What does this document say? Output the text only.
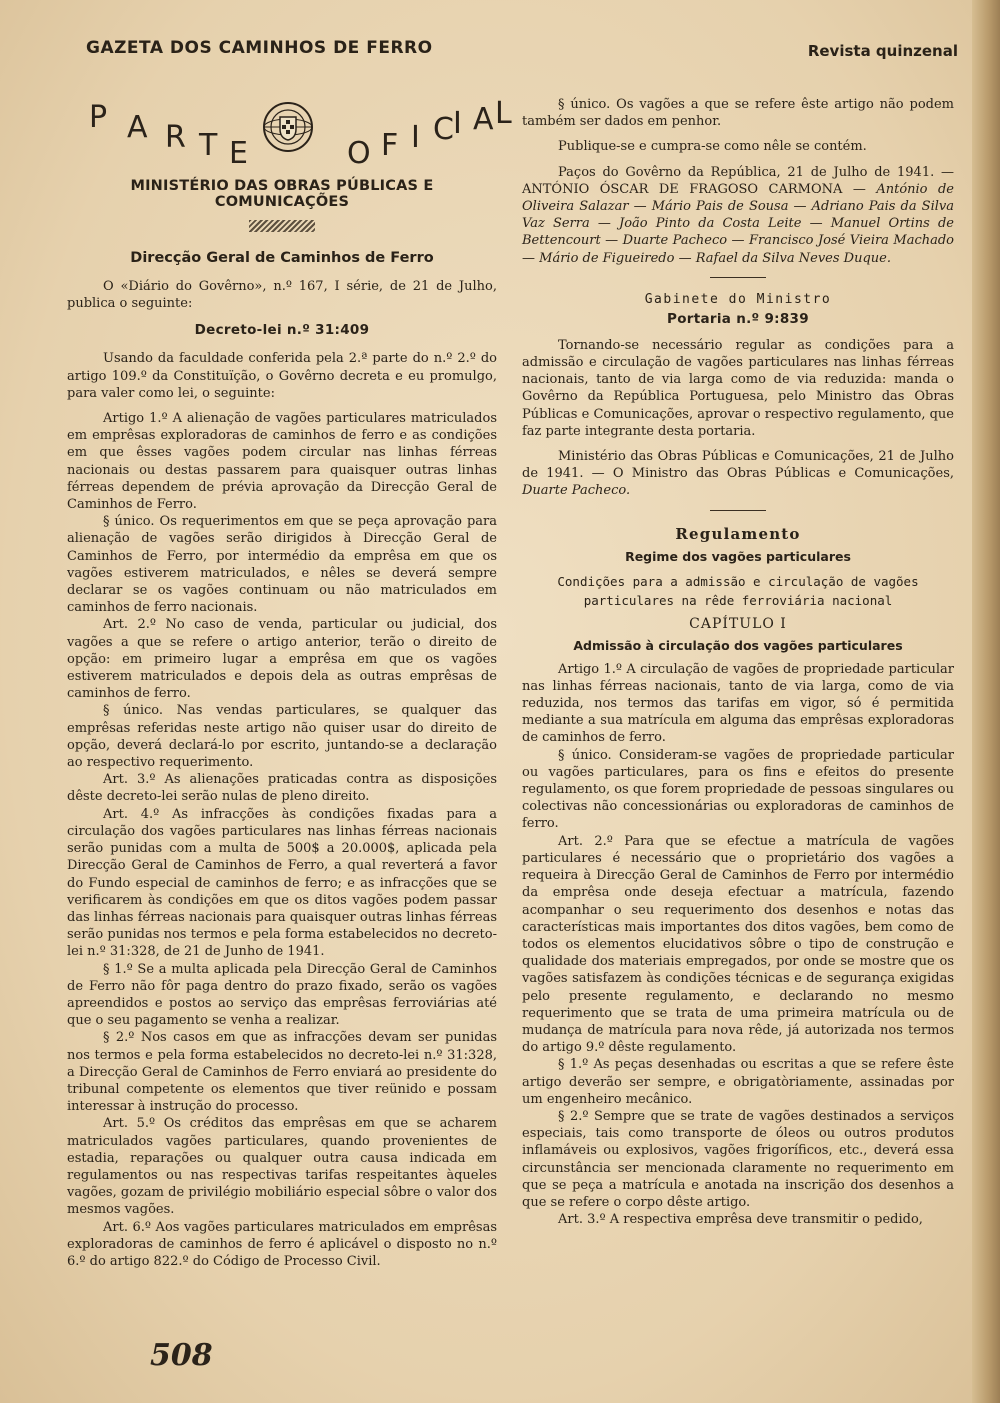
GAZETA DOS CAMINHOS DE FERRO	Revista quinzenal
P A R T E	O F I C I A L
MINISTÉRIO DAS OBRAS PÚBLICAS E COMUNICAÇÕES
Direcção Geral de Caminhos de Ferro

O «Diário do Govêrno», n.º 167, I série, de 21 de Julho, publica o seguinte:

Decreto-lei n.º 31:409

Usando da faculdade conferida pela 2.ª parte do n.º 2.º do artigo 109.º da Constituïção, o Govêrno decreta e eu promulgo, para valer como lei, o seguinte:

Artigo 1.º A alienação de vagões particulares matriculados em emprêsas exploradoras de caminhos de ferro e as condições em que êsses vagões podem circular nas linhas férreas nacionais ou destas passarem para quaisquer outras linhas férreas dependem de prévia aprovação da Direcção Geral de Caminhos de Ferro.

§ único. Os requerimentos em que se peça aprovação para alienação de vagões serão dirigidos à Direcção Geral de Caminhos de Ferro, por intermédio da emprêsa em que os vagões estiverem matriculados, e nêles se deverá sempre declarar se os vagões continuam ou não matriculados em caminhos de ferro nacionais.

Art. 2.º No caso de venda, particular ou judicial, dos vagões a que se refere o artigo anterior, terão o direito de opção: em primeiro lugar a emprêsa em que os vagões estiverem matriculados e depois dela as outras emprêsas de caminhos de ferro.

§ único. Nas vendas particulares, se qualquer das emprêsas referidas neste artigo não quiser usar do direito de opção, deverá declará-lo por escrito, juntando-se a declaração ao respectivo requerimento.

Art. 3.º As alienações praticadas contra as disposições dêste decreto-lei serão nulas de pleno direito.

Art. 4.º As infracções às condições fixadas para a circulação dos vagões particulares nas linhas férreas nacionais serão punidas com a multa de 500$ a 20.000$, aplicada pela Direcção Geral de Caminhos de Ferro, a qual reverterá a favor do Fundo especial de caminhos de ferro; e as infracções que se verificarem às condições em que os ditos vagões podem passar das linhas férreas nacionais para quaisquer outras linhas férreas serão punidas nos termos e pela forma estabelecidos no decreto-lei n.º 31:328, de 21 de Junho de 1941.

§ 1.º Se a multa aplicada pela Direcção Geral de Caminhos de Ferro não fôr paga dentro do prazo fixado, serão os vagões apreendidos e postos ao serviço das emprêsas ferroviárias até que o seu pagamento se venha a realizar.

§ 2.º Nos casos em que as infracções devam ser punidas nos termos e pela forma estabelecidos no decreto-lei n.º 31:328, a Direcção Geral de Caminhos de Ferro enviará ao presidente do tribunal competente os elementos que tiver reünido e possam interessar à instrução do processo.

Art. 5.º Os créditos das emprêsas em que se acharem matriculados vagões particulares, quando provenientes de estadia, reparações ou qualquer outra causa indicada em regulamentos ou nas respectivas tarifas respeitantes àqueles vagões, gozam de privilégio mobiliário especial sôbre o valor dos mesmos vagões.

Art. 6.º Aos vagões particulares matriculados em emprêsas exploradoras de caminhos de ferro é aplicável o disposto no n.º 6.º do artigo 822.º do Código de Processo Civil.

§ único. Os vagões a que se refere êste artigo não podem também ser dados em penhor.

Publique-se e cumpra-se como nêle se contém.

Paços do Govêrno da República, 21 de Julho de 1941. — ANTÓNIO ÓSCAR DE FRAGOSO CARMONA — António de Oliveira Salazar — Mário Pais de Sousa — Adriano Pais da Silva Vaz Serra — João Pinto da Costa Leite — Manuel Ortins de Bettencourt — Duarte Pacheco — Francisco José Vieira Machado — Mário de Figueiredo — Rafael da Silva Neves Duque.

Gabinete do Ministro
Portaria n.º 9:839

Tornando-se necessário regular as condições para a admissão e circulação de vagões particulares nas linhas férreas nacionais, tanto de via larga como de via reduzida: manda o Govêrno da República Portuguesa, pelo Ministro das Obras Públicas e Comunicações, aprovar o respectivo regulamento, que faz parte integrante desta portaria.

Ministério das Obras Públicas e Comunicações, 21 de Julho de 1941. — O Ministro das Obras Públicas e Comunicações, Duarte Pacheco.

Regulamento
Regime dos vagões particulares
Condições para a admissão e circulação de vagões particulares na rêde ferroviária nacional
CAPÍTULO I
Admissão à circulação dos vagões particulares

Artigo 1.º A circulação de vagões de propriedade particular nas linhas férreas nacionais, tanto de via larga, como de via reduzida, nos termos das tarifas em vigor, só é permitida mediante a sua matrícula em alguma das emprêsas exploradoras de caminhos de ferro.

§ único. Consideram-se vagões de propriedade particular ou vagões particulares, para os fins e efeitos do presente regulamento, os que forem propriedade de pessoas singulares ou colectivas não concessionárias ou exploradoras de caminhos de ferro.

Art. 2.º Para que se efectue a matrícula de vagões particulares é necessário que o proprietário dos vagões a requeira à Direcção Geral de Caminhos de Ferro por intermédio da emprêsa onde deseja efectuar a matrícula, fazendo acompanhar o seu requerimento dos desenhos e notas das características mais importantes dos ditos vagões, bem como de todos os elementos elucidativos sôbre o tipo de construção e qualidade dos materiais empregados, por onde se mostre que os vagões satisfazem às condições técnicas e de segurança exigidas pelo presente regulamento, e declarando no mesmo requerimento que se trata de uma primeira matrícula ou de mudança de matrícula para nova rêde, já autorizada nos termos do artigo 9.º dêste regulamento.

§ 1.º As peças desenhadas ou escritas a que se refere êste artigo deverão ser sempre, e obrigatòriamente, assinadas por um engenheiro mecânico.

§ 2.º Sempre que se trate de vagões destinados a serviços especiais, tais como transporte de óleos ou outros produtos inflamáveis ou explosivos, vagões frigoríficos, etc., deverá essa circunstância ser mencionada claramente no requerimento em que se peça a matrícula e anotada na inscrição dos desenhos a que se refere o corpo dêste artigo.

Art. 3.º A respectiva emprêsa deve transmitir o pedido,

508
